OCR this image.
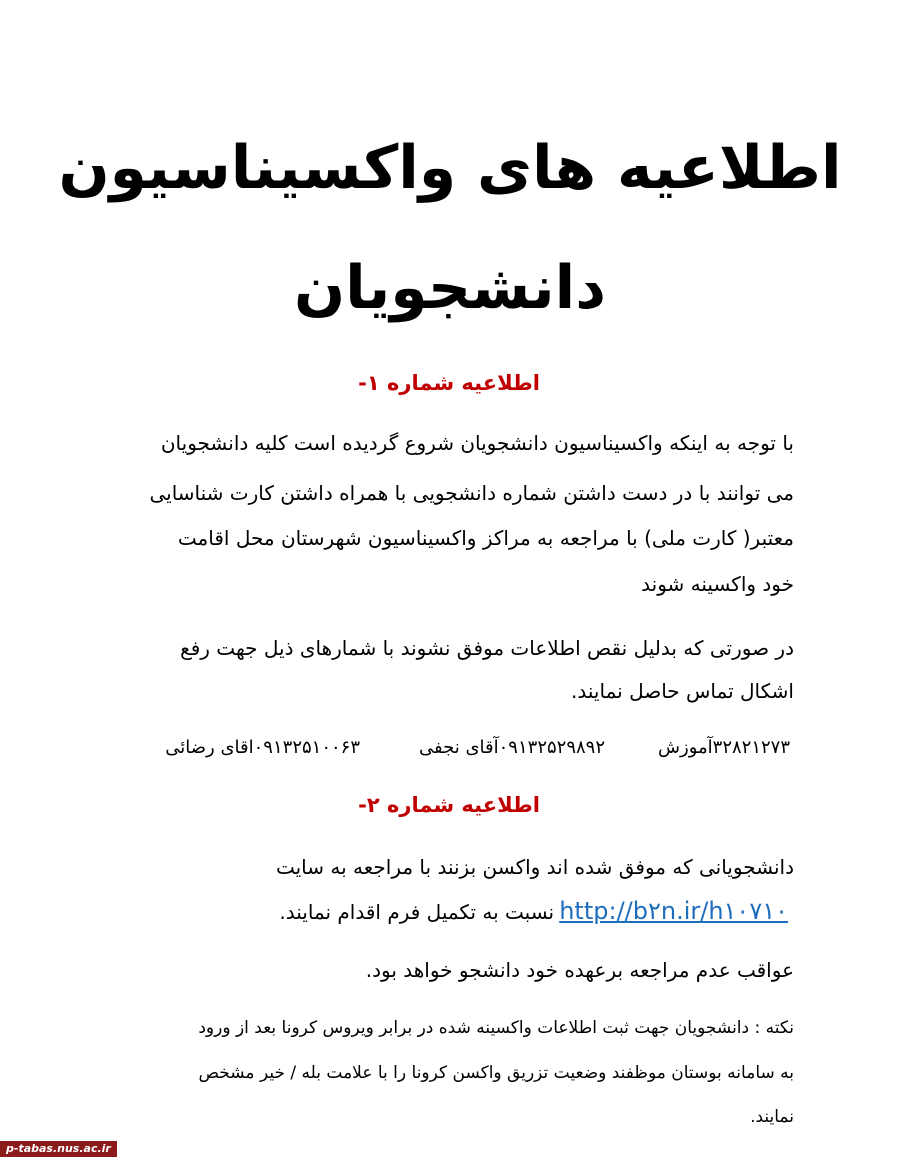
اطلاعیه های واکسیناسیون
دانشجویان
اطلاعیه شماره ۱-
با توجه به اینکه واکسیناسیون دانشجویان شروع گردیده است کلیه دانشجویان
می توانند با در دست داشتن شماره دانشجویی با همراه داشتن کارت شناسایی
معتبر( کارت ملی) با مراجعه به مراکز واکسیناسیون شهرستان محل اقامت
خود واکسینه شوند
در صورتی که بدلیل نقص اطلاعات موفق نشوند با شمارهای ذیل جهت رفع
اشکال تماس حاصل نمایند.
۳۲۸۲۱۲۷۳آموزش
۰۹۱۳۲۵۲۹۸۹۲آقای نجفی
۰۹۱۳۲۵۱۰۰۶۳اقای رضائی
اطلاعیه شماره ۲-
دانشجویانی که موفق شده اند واکسن بزنند با مراجعه به سایت
http://b۲n.ir/h۱۰۷۱۰ نسبت به تکمیل فرم اقدام نمایند.
عواقب عدم مراجعه برعهده خود دانشجو خواهد بود.
نکته : دانشجویان جهت ثبت اطلاعات واکسینه شده در برابر ویروس کرونا بعد از ورود
به سامانه بوستان موظفند وضعیت تزریق واکسن کرونا را با علامت بله / خیر مشخص
نمایند.
p-tabas.nus.ac.ir
